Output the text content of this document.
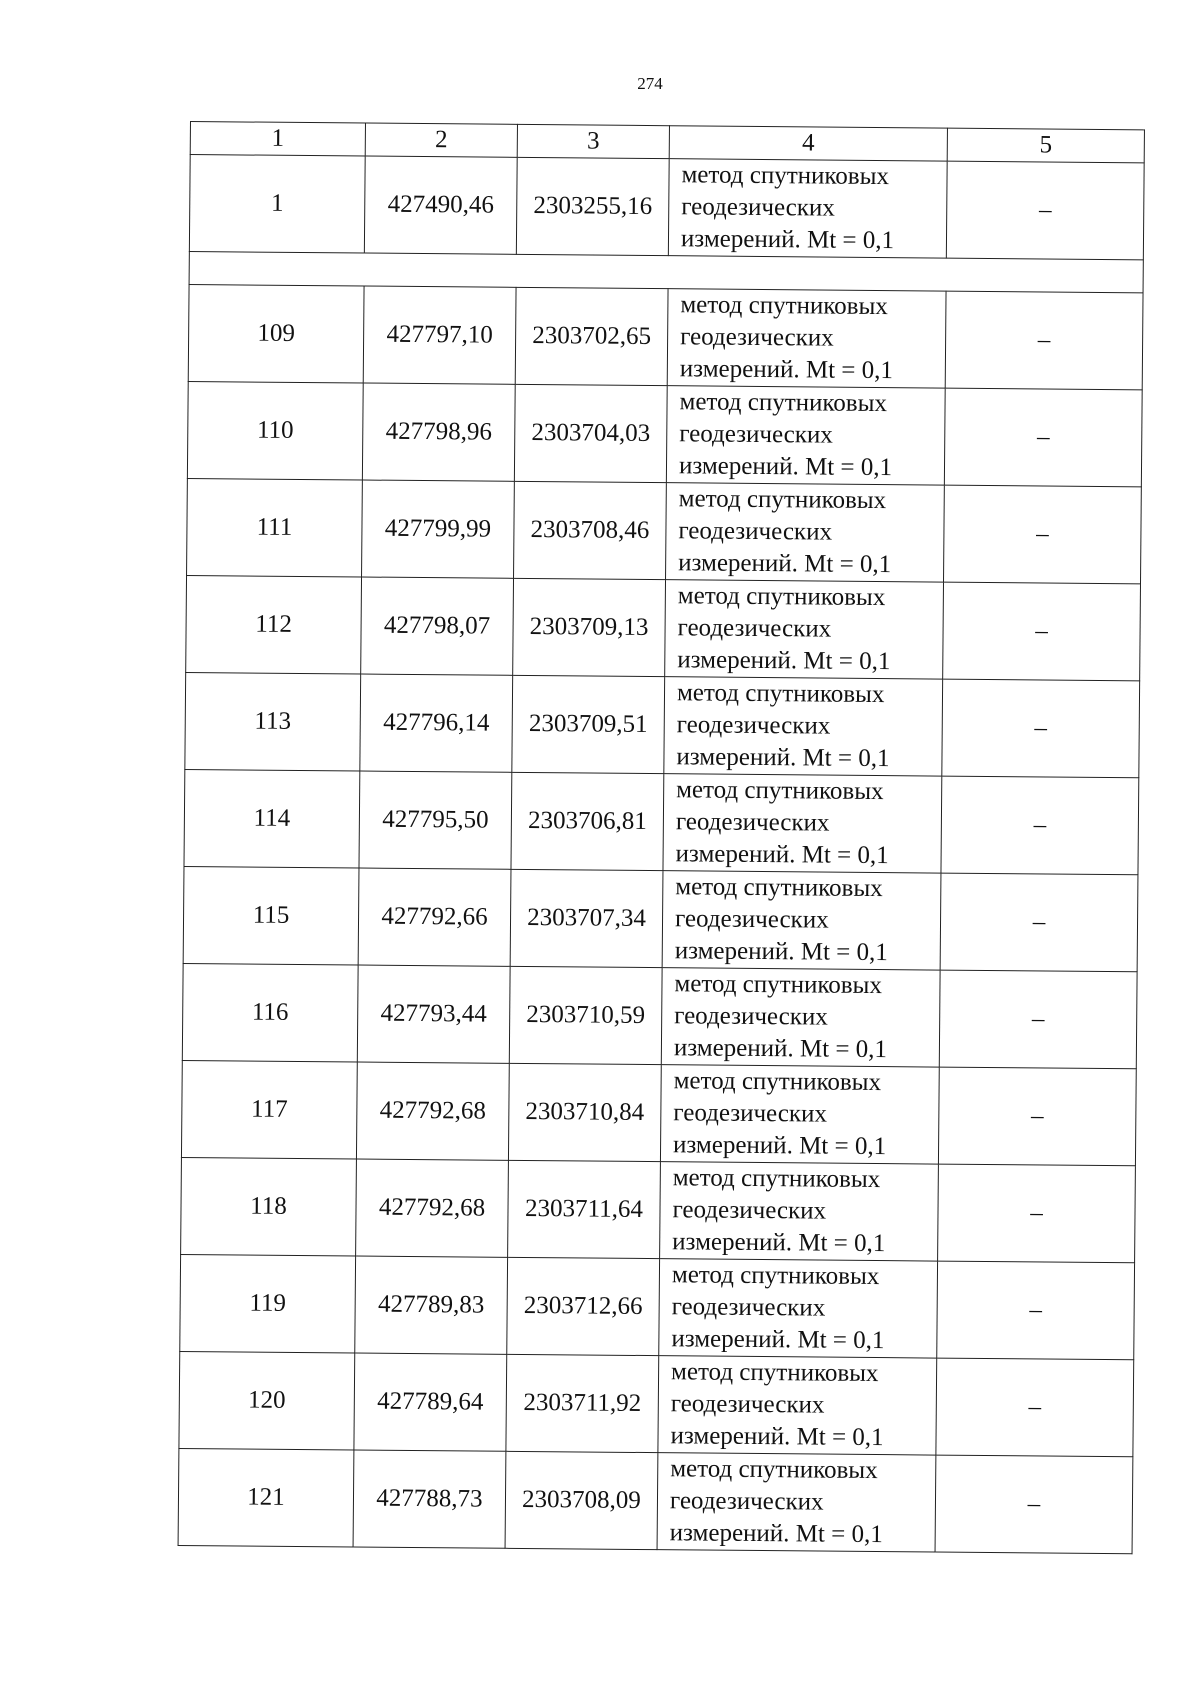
274
1	2	3	4	5
1	427490,46	2303255,16	метод спутниковых
геодезических
измерений. Mt = 0,1	–

109	427797,10	2303702,65	метод спутниковых
геодезических
измерений. Mt = 0,1	–
110	427798,96	2303704,03	метод спутниковых
геодезических
измерений. Mt = 0,1	–
111	427799,99	2303708,46	метод спутниковых
геодезических
измерений. Mt = 0,1	–
112	427798,07	2303709,13	метод спутниковых
геодезических
измерений. Mt = 0,1	–
113	427796,14	2303709,51	метод спутниковых
геодезических
измерений. Mt = 0,1	–
114	427795,50	2303706,81	метод спутниковых
геодезических
измерений. Mt = 0,1	–
115	427792,66	2303707,34	метод спутниковых
геодезических
измерений. Mt = 0,1	–
116	427793,44	2303710,59	метод спутниковых
геодезических
измерений. Mt = 0,1	–
117	427792,68	2303710,84	метод спутниковых
геодезических
измерений. Mt = 0,1	–
118	427792,68	2303711,64	метод спутниковых
геодезических
измерений. Mt = 0,1	–
119	427789,83	2303712,66	метод спутниковых
геодезических
измерений. Mt = 0,1	–
120	427789,64	2303711,92	метод спутниковых
геодезических
измерений. Mt = 0,1	–
121	427788,73	2303708,09	метод спутниковых
геодезических
измерений. Mt = 0,1	–
